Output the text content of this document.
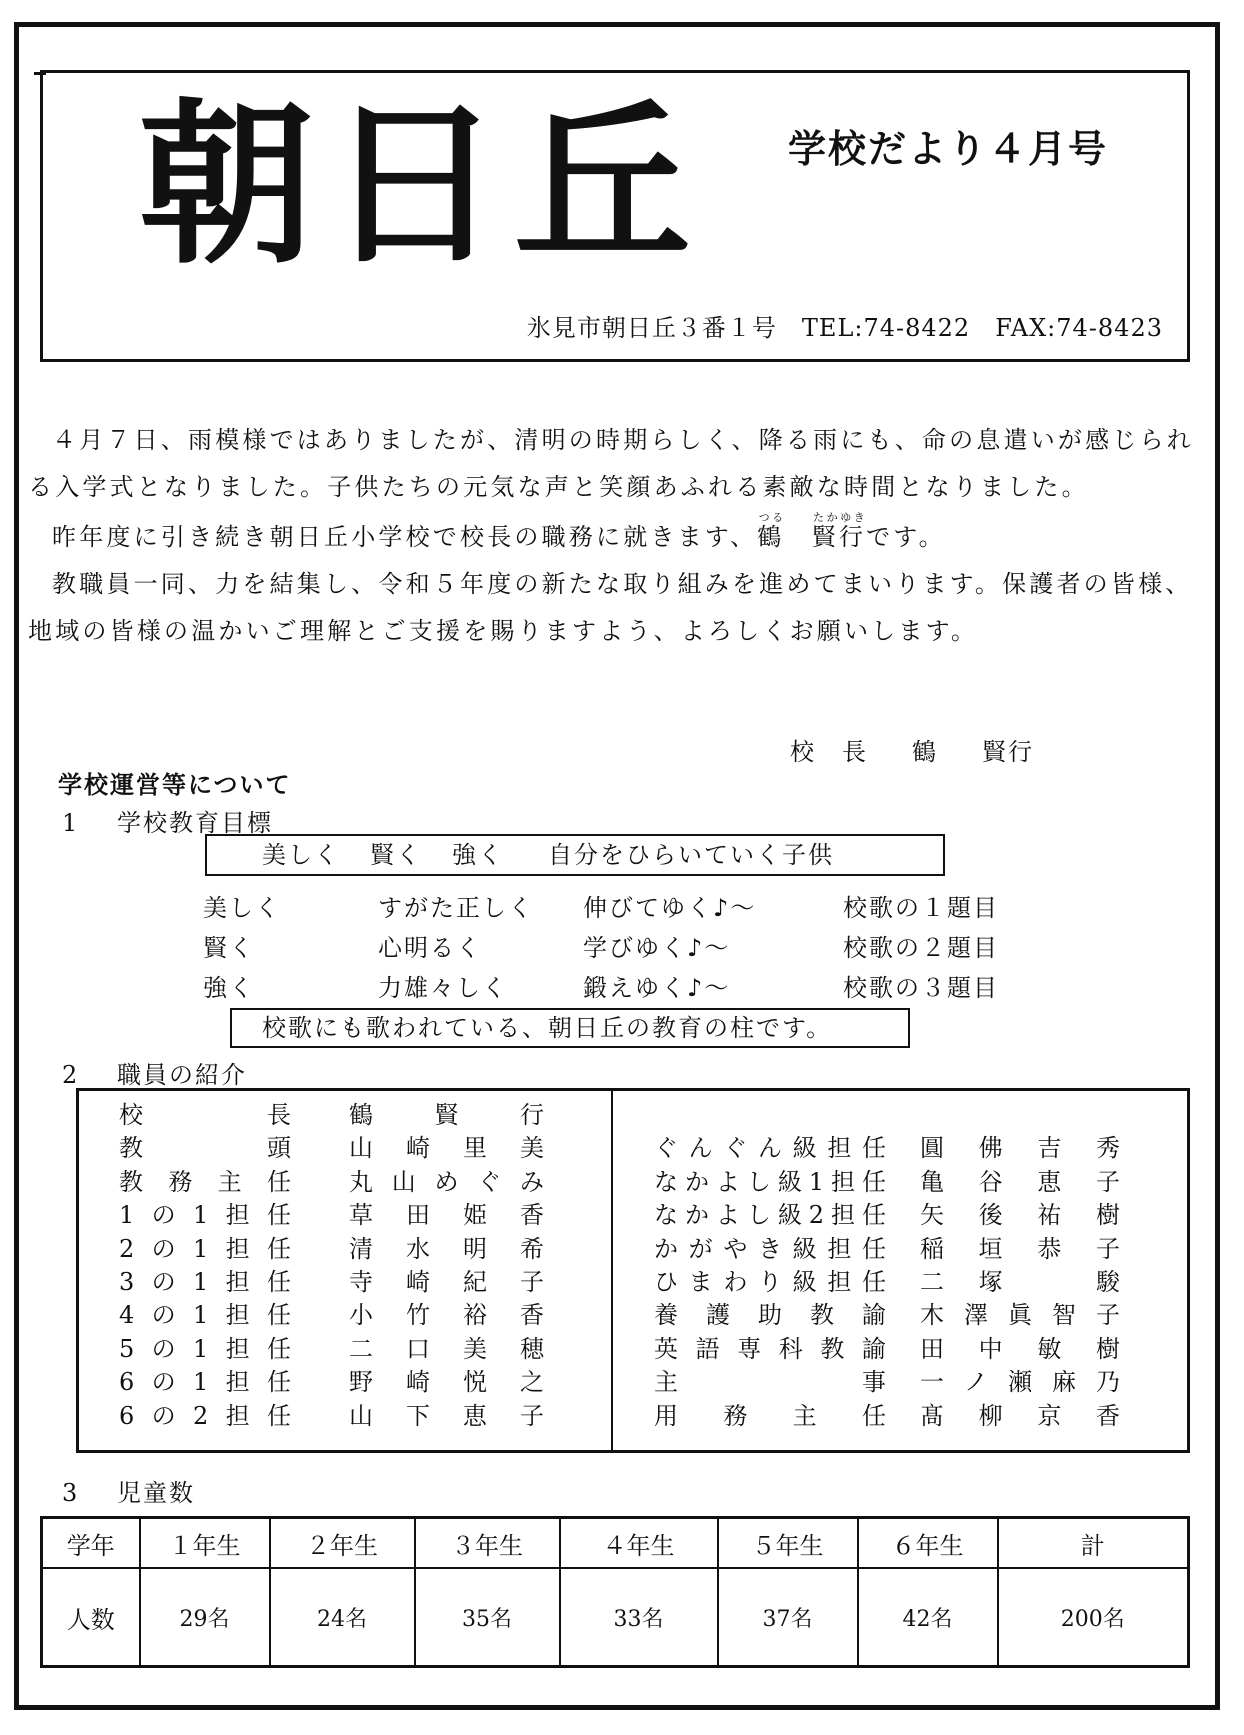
朝日丘 学校だより４月号
氷見市朝日丘３番１号　TEL:74-8422　FAX:74-8423

４月７日、雨模様ではありましたが、清明の時期らしく、降る雨にも、命の息遣いが感じられる入学式となりました。子供たちの元気な声と笑顔あふれる素敵な時間となりました。

昨年度に引き続き朝日丘小学校で校長の職務に就きます、鶴つる　賢行たかゆきです。

教職員一同、力を結集し、令和５年度の新たな取り組みを進めてまいります。保護者の皆様、地域の皆様の温かいご理解とご支援を賜りますよう、よろしくお願いします。

校　長 鶴 賢行
学校運営等について
1 学校教育目標
美しく 賢く 強く 自分をひらいていく子供
美しく	すがた正しく 伸びてゆく♪～	校歌の１題目
賢く	心明るく	学びゆく♪～	校歌の２題目
強く	力雄々しく	鍛えゆく♪～	校歌の３題目
校歌にも歌われている、朝日丘の教育の柱です。
2 職員の紹介
校長 鶴賢行
教頭 山崎里美
教務主任 丸山めぐみ
1の1担任 草田姫香
2の1担任 清水明希
3の1担任 寺崎紀子
4の1担任 小竹裕香
5の1担任 二口美穂
6の1担任 野崎悦之
6の2担任 山下恵子
ぐんぐん級担任 圓佛吉秀
なかよし級1担任 亀谷恵子
なかよし級2担任 矢後祐樹
かがやき級担任 稲垣恭子
ひまわり級担任 二塚　駿
養護助教諭 木澤眞智子
英語専科教諭 田中敏樹
主事 一ノ瀬麻乃
用務主任 髙柳京香
3 児童数
学年	１年生	２年生	３年生	４年生	５年生	６年生	計
人数	29名	24名	35名	33名	37名	42名	200名
